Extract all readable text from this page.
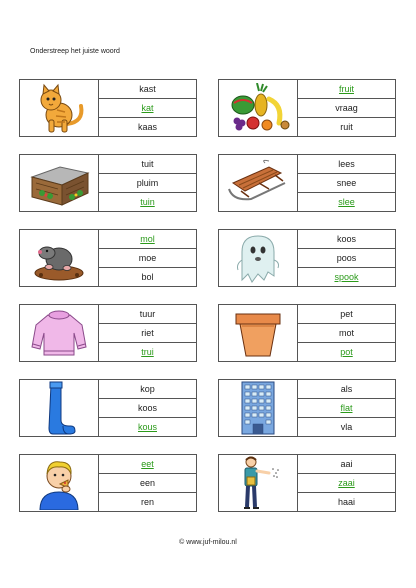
Onderstreep het juiste woord
kast
kat
kaas
fruit
vraag
ruit
tuit
pluim
tuin
lees
snee
slee
mol
moe
bol
koos
poos
spook
tuur
riet
trui
pet
mot
pot
kop
koos
kous
als
flat
vla
eet
een
ren
aai
zaai
haai
© www.juf-milou.nl
